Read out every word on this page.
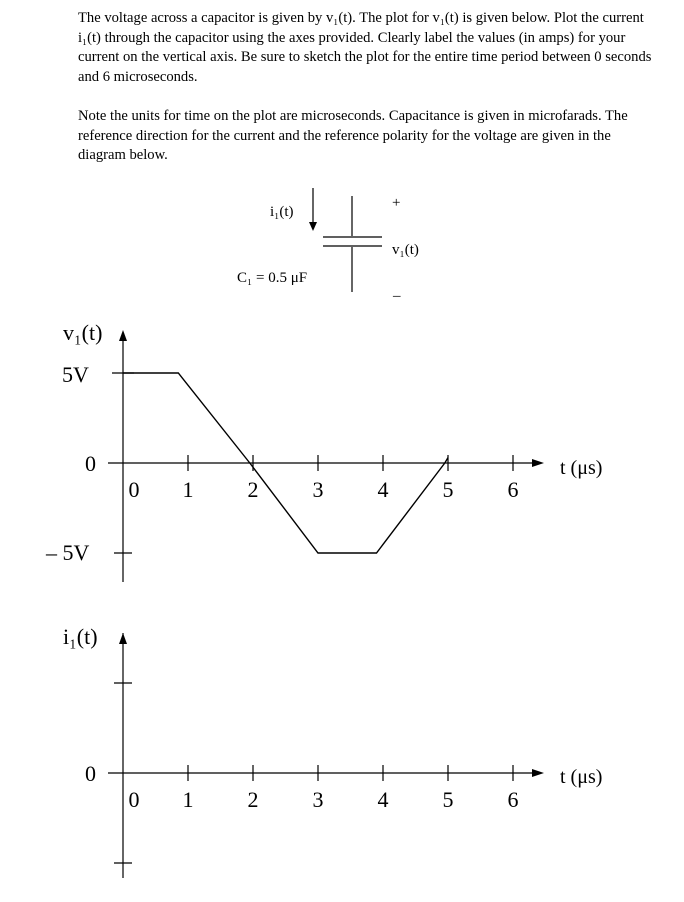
The voltage across a capacitor is given by v₁(t). The plot for v₁(t) is given below. Plot the current i₁(t) through the capacitor using the axes provided. Clearly label the values (in amps) for your current on the vertical axis. Be sure to sketch the plot for the entire time period between 0 seconds and 6 microseconds.

Note the units for time on the plot are microseconds. Capacitance is given in microfarads. The reference direction for the current and the reference polarity for the voltage are given in the diagram below.

i₁(t)
+
v₁(t)
–
C₁ = 0.5 μF
v₁(t)
t (μs)
5V
0
– 5V
0 1 2 3 4 5 6
i₁(t)
t (μs)
0
0 1 2 3 4 5 6
